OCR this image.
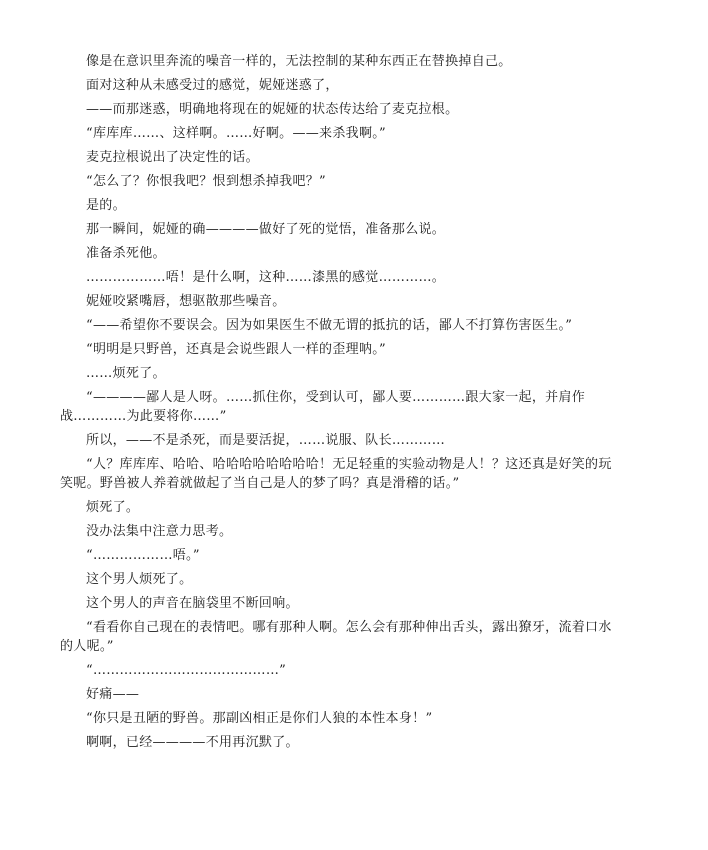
像是在意识里奔流的噪音一样的，无法控制的某种东西正在替换掉自己。

面对这种从未感受过的感觉，妮娅迷惑了，

——而那迷惑，明确地将现在的妮娅的状态传达给了麦克拉根。

“库库库……、这样啊。……好啊。——来杀我啊。”

麦克拉根说出了决定性的话。

“怎么了？你恨我吧？恨到想杀掉我吧？”

是的。

那一瞬间，妮娅的确————做好了死的觉悟，准备那么说。

准备杀死他。

………………唔！是什么啊，这种……漆黑的感觉…………。

妮娅咬紧嘴唇，想驱散那些噪音。

“——希望你不要误会。因为如果医生不做无谓的抵抗的话，鄙人不打算伤害医生。”

“明明是只野兽，还真是会说些跟人一样的歪理呐。”

……烦死了。

“————鄙人是人呀。……抓住你，受到认可，鄙人要…………跟大家一起，并肩作战…………为此要将你……”

所以，——不是杀死，而是要活捉，……说服、队长…………

“人？库库库、哈哈、哈哈哈哈哈哈哈哈！无足轻重的实验动物是人！？这还真是好笑的玩笑呢。野兽被人养着就做起了当自己是人的梦了吗？真是滑稽的话。”

烦死了。

没办法集中注意力思考。

“………………唔。”

这个男人烦死了。

这个男人的声音在脑袋里不断回响。

“看看你自己现在的表情吧。哪有那种人啊。怎么会有那种伸出舌头，露出獠牙，流着口水的人呢。”

“……………………………………”

好痛——

“你只是丑陋的野兽。那副凶相正是你们人狼的本性本身！”

啊啊，已经————不用再沉默了。
